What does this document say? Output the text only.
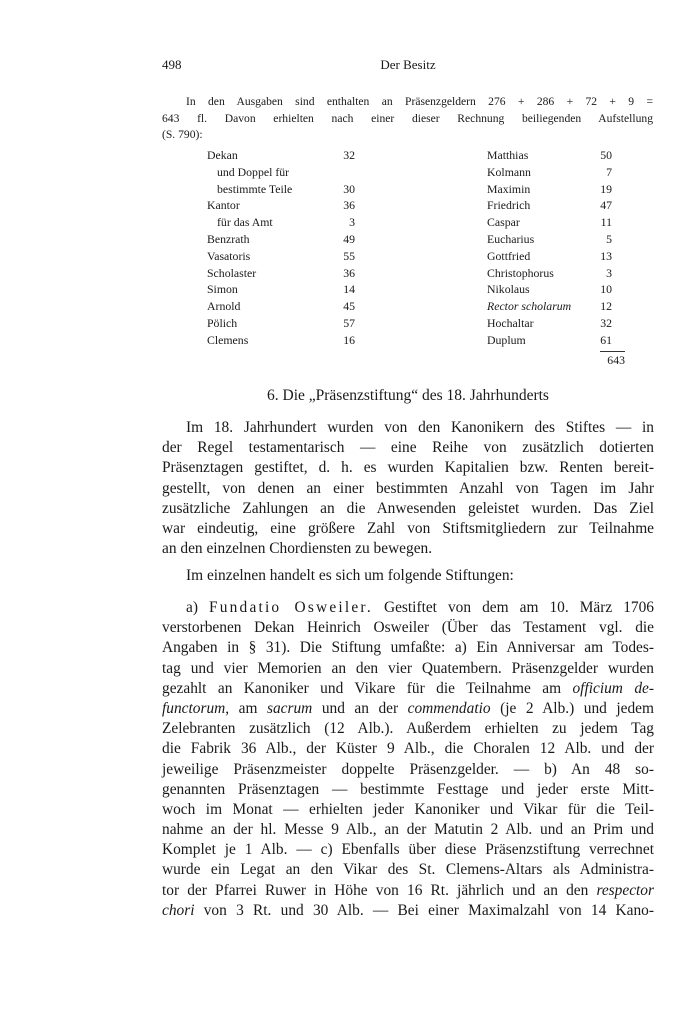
498	Der Besitz
In den Ausgaben sind enthalten an Präsenzgeldern 276 + 286 + 72 + 9 =
643 fl. Davon erhielten nach einer dieser Rechnung beiliegenden Aufstellung
(S. 790):
Dekan	32
und Doppel für
bestimmte Teile	30
Kantor	36
für das Amt	3
Benzrath	49
Vasatoris	55
Scholaster	36
Simon	14
Arnold	45
Pölich	57
Clemens	16
Matthias	50
Kolmann	7
Maximin	19
Friedrich	47
Caspar	11
Eucharius	5
Gottfried	13
Christophorus	3
Nikolaus	10
Rector scholarum	12
Hochaltar	32
Duplum	61
643
6. Die „Präsenzstiftung“ des 18. Jahrhunderts
Im 18. Jahrhundert wurden von den Kanonikern des Stiftes — in
der Regel testamentarisch — eine Reihe von zusätzlich dotierten
Präsenztagen gestiftet, d. h. es wurden Kapitalien bzw. Renten bereit-
gestellt, von denen an einer bestimmten Anzahl von Tagen im Jahr
zusätzliche Zahlungen an die Anwesenden geleistet wurden. Das Ziel
war eindeutig, eine größere Zahl von Stiftsmitgliedern zur Teilnahme
an den einzelnen Chordiensten zu bewegen.
Im einzelnen handelt es sich um folgende Stiftungen:
a) Fundatio Osweiler. Gestiftet von dem am 10. März 1706
verstorbenen Dekan Heinrich Osweiler (Über das Testament vgl. die
Angaben in § 31). Die Stiftung umfaßte: a) Ein Anniversar am Todes-
tag und vier Memorien an den vier Quatembern. Präsenzgelder wurden
gezahlt an Kanoniker und Vikare für die Teilnahme am officium de-
functorum, am sacrum und an der commendatio (je 2 Alb.) und jedem
Zelebranten zusätzlich (12 Alb.). Außerdem erhielten zu jedem Tag
die Fabrik 36 Alb., der Küster 9 Alb., die Choralen 12 Alb. und der
jeweilige Präsenzmeister doppelte Präsenzgelder. — b) An 48 so-
genannten Präsenztagen — bestimmte Festtage und jeder erste Mitt-
woch im Monat — erhielten jeder Kanoniker und Vikar für die Teil-
nahme an der hl. Messe 9 Alb., an der Matutin 2 Alb. und an Prim und
Komplet je 1 Alb. — c) Ebenfalls über diese Präsenzstiftung verrechnet
wurde ein Legat an den Vikar des St. Clemens-Altars als Administra-
tor der Pfarrei Ruwer in Höhe von 16 Rt. jährlich und an den respector
chori von 3 Rt. und 30 Alb. — Bei einer Maximalzahl von 14 Kano-
